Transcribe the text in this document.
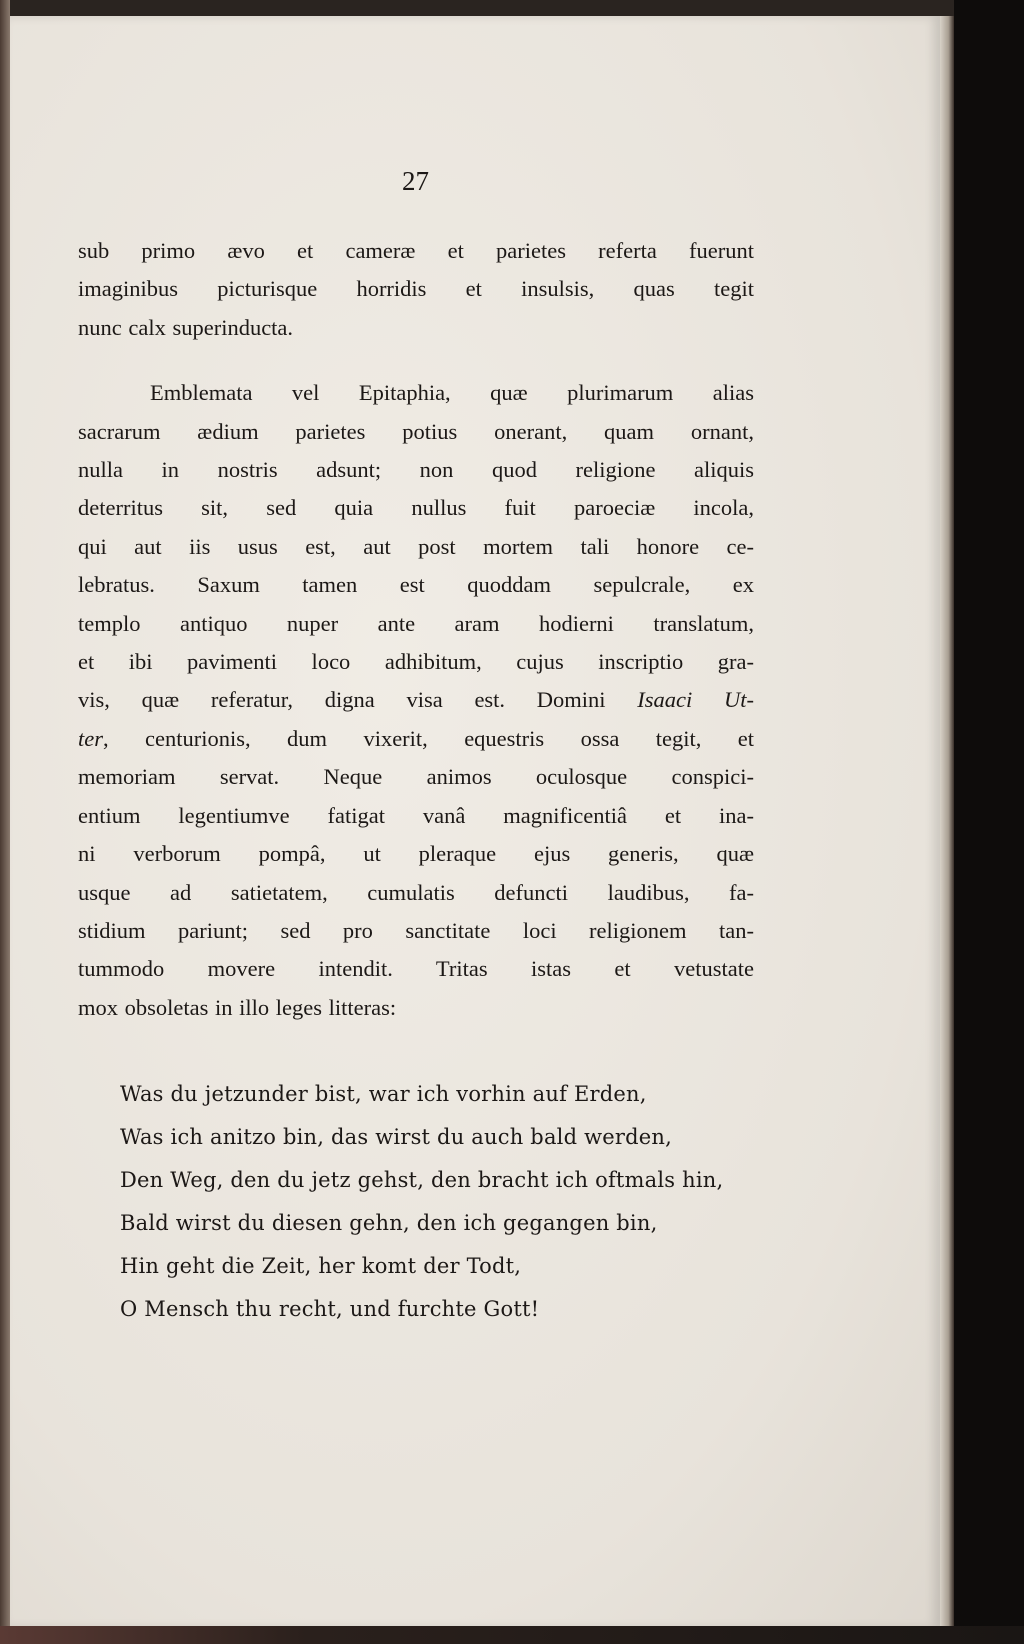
27

sub primo ævo et cameræ et parietes referta fuerunt
imaginibus picturisque horridis et insulsis, quas tegit
nunc calx superinducta.

Emblemata vel Epitaphia, quæ plurimarum alias
sacrarum ædium parietes potius onerant, quam ornant,
nulla in nostris adsunt; non quod religione aliquis
deterritus sit, sed quia nullus fuit paroeciæ incola,
qui aut iis usus est, aut post mortem tali honore ce-
lebratus. Saxum tamen est quoddam sepulcrale, ex
templo antiquo nuper ante aram hodierni translatum,
et ibi pavimenti loco adhibitum, cujus inscriptio gra-
vis, quæ referatur, digna visa est. Domini Isaaci Ut-
ter, centurionis, dum vixerit, equestris ossa tegit, et
memoriam servat. Neque animos oculosque conspici-
entium legentiumve fatigat vanâ magnificentiâ et ina-
ni verborum pompâ, ut pleraque ejus generis, quæ
usque ad satietatem, cumulatis defuncti laudibus, fa-
stidium pariunt; sed pro sanctitate loci religionem tan-
tummodo movere intendit. Tritas istas et vetustate
mox obsoletas in illo leges litteras:

Was du jetzunder bist, war ich vorhin auf Erden,
Was ich anitzo bin, das wirst du auch bald werden,
Den Weg, den du jetz gehst, den bracht ich oftmals hin,
Bald wirst du diesen gehn, den ich gegangen bin,
Hin geht die Zeit, her komt der Todt,
O Mensch thu recht, und furchte Gott!
